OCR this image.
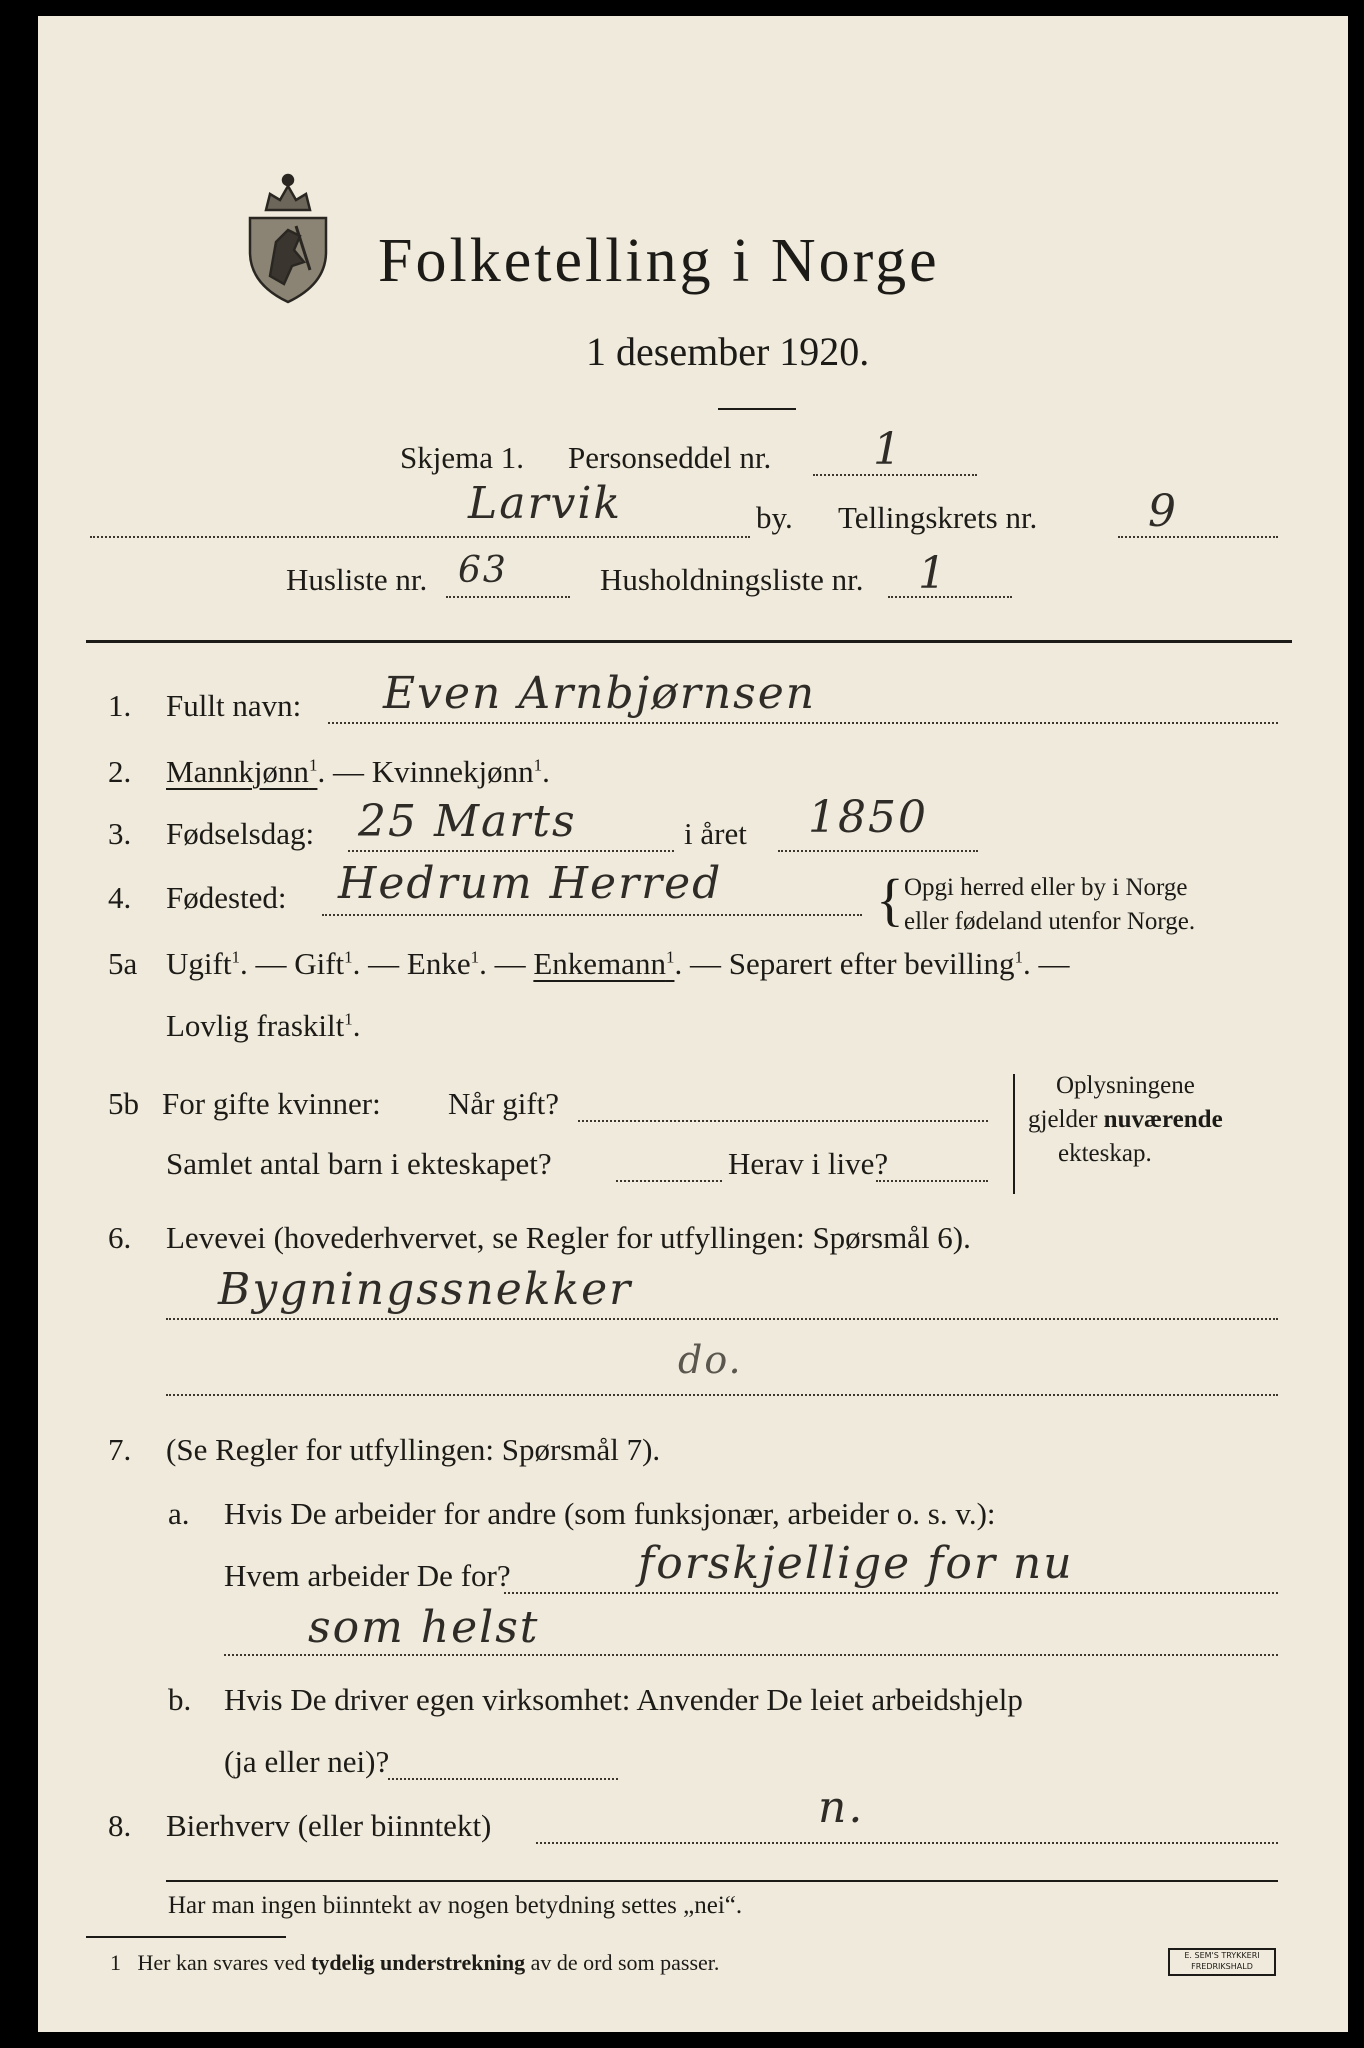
Folketelling i Norge
1 desember 1920.
Skjema 1. Personseddel nr. 1
Larvik	by. Tellingskrets nr.	9
Husliste nr. 63	Husholdningsliste nr. 1
1. Fullt navn: Even Arnbjørnsen
2. Mannkjønn$^1$. — Kvinnekjønn$^1$.
3. Fødselsdag: 25 Marts	i året 1850
4. Fødested: Hedrum Herred	{ Opgi herred eller by i Norge
eller fødeland utenfor Norge.
5a Ugift$^1$. — Gift$^1$. — Enke$^1$. — Enkemann$^1$. — Separert efter bevilling$^1$. —
Lovlig fraskilt$^1$.
5b For gifte kvinner: Når gift?
Samlet antal barn i ekteskapet?	Herav i live?
Oplysningene
gjelder nuværende
ekteskap.
6. Levevei (hovederhvervet, se Regler for utfyllingen: Spørsmål 6).
Bygningssnekker
do.
7. (Se Regler for utfyllingen: Spørsmål 7).
a. Hvis De arbeider for andre (som funksjonær, arbeider o. s. v.):
Hvem arbeider De for?	forskjellige for nu
som helst
b. Hvis De driver egen virksomhet: Anvender De leiet arbeidshjelp
(ja eller nei)?
8. Bierhverv (eller biinntekt)	n.
Har man ingen biinntekt av nogen betydning settes „nei“.
1 Her kan svares ved tydelig understrekning av de ord som passer.	E. SEM'S TRYKKERI
FREDRIKSHALD
